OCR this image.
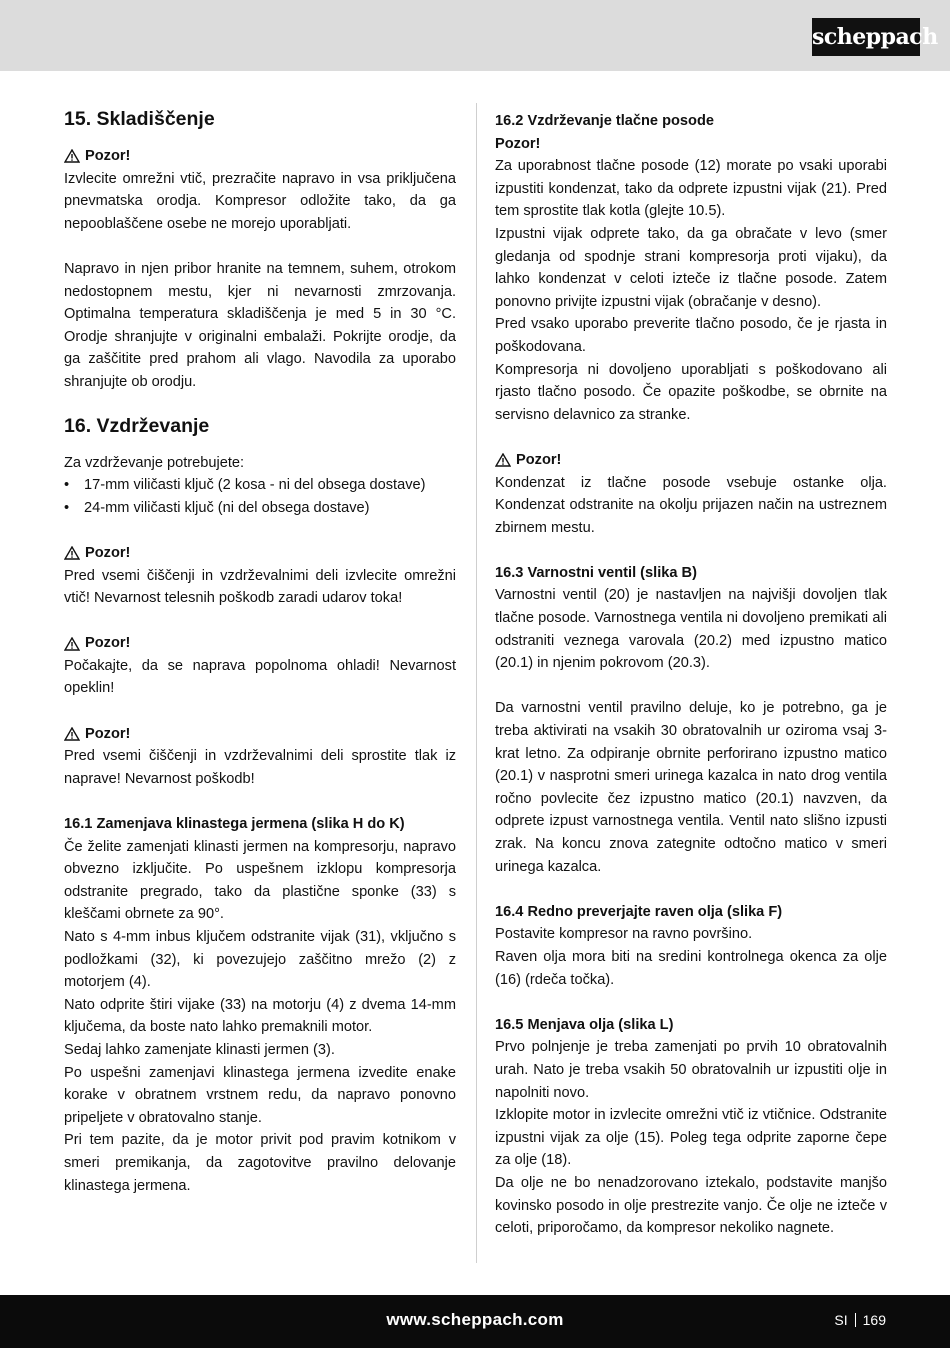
scheppach
15. Skladiščenje
Pozor!

Izvlecite omrežni vtič, prezračite napravo in vsa priključena pnevmatska orodja. Kompresor odložite tako, da ga nepooblaščene osebe ne morejo uporabljati.

Napravo in njen pribor hranite na temnem, suhem, otrokom nedostopnem mestu, kjer ni nevarnosti zmrzovanja. Optimalna temperatura skladiščenja je med 5 in 30 °C. Orodje shranjujte v originalni embalaži. Pokrijte orodje, da ga zaščitite pred prahom ali vlago. Navodila za uporabo shranjujte ob orodju.

16. Vzdrževanje

Za vzdrževanje potrebujete:

• 17-mm viličasti ključ (2 kosa - ni del obsega dostave)
• 24-mm viličasti ključ (ni del obsega dostave)
Pozor!

Pred vsemi čiščenji in vzdrževalnimi deli izvlecite omrežni vtič! Nevarnost telesnih poškodb zaradi udarov toka!

Pozor!

Počakajte, da se naprava popolnoma ohladi! Nevarnost opeklin!

Pozor!

Pred vsemi čiščenji in vzdrževalnimi deli sprostite tlak iz naprave! Nevarnost poškodb!

16.1 Zamenjava klinastega jermena (slika H do K)

Če želite zamenjati klinasti jermen na kompresorju, napravo obvezno izključite. Po uspešnem izklopu kompresorja odstranite pregrado, tako da plastične sponke (33) s kleščami obrnete za 90°.

Nato s 4-mm inbus ključem odstranite vijak (31), vključno s podložkami (32), ki povezujejo zaščitno mrežo (2) z motorjem (4).

Nato odprite štiri vijake (33) na motorju (4) z dvema 14-mm ključema, da boste nato lahko premaknili motor.

Sedaj lahko zamenjate klinasti jermen (3).

Po uspešni zamenjavi klinastega jermena izvedite enake korake v obratnem vrstnem redu, da napravo ponovno pripeljete v obratovalno stanje.

Pri tem pazite, da je motor privit pod pravim kotnikom v smeri premikanja, da zagotovitve pravilno delovanje klinastega jermena.

16.2 Vzdrževanje tlačne posode
Pozor!

Za uporabnost tlačne posode (12) morate po vsaki uporabi izpustiti kondenzat, tako da odprete izpustni vijak (21). Pred tem sprostite tlak kotla (glejte 10.5).

Izpustni vijak odprete tako, da ga obračate v levo (smer gledanja od spodnje strani kompresorja proti vijaku), da lahko kondenzat v celoti izteče iz tlačne posode. Zatem ponovno privijte izpustni vijak (obračanje v desno).

Pred vsako uporabo preverite tlačno posodo, če je rjasta in poškodovana.

Kompresorja ni dovoljeno uporabljati s poškodovano ali rjasto tlačno posodo. Če opazite poškodbe, se obrnite na servisno delavnico za stranke.

Pozor!

Kondenzat iz tlačne posode vsebuje ostanke olja. Kondenzat odstranite na okolju prijazen način na ustreznem zbirnem mestu.

16.3 Varnostni ventil (slika B)

Varnostni ventil (20) je nastavljen na najvišji dovoljen tlak tlačne posode. Varnostnega ventila ni dovoljeno premikati ali odstraniti veznega varovala (20.2) med izpustno matico (20.1) in njenim pokrovom (20.3).

Da varnostni ventil pravilno deluje, ko je potrebno, ga je treba aktivirati na vsakih 30 obratovalnih ur oziroma vsaj 3-krat letno. Za odpiranje obrnite perforirano izpustno matico (20.1) v nasprotni smeri urinega kazalca in nato drog ventila ročno povlecite čez izpustno matico (20.1) navzven, da odprete izpust varnostnega ventila. Ventil nato slišno izpusti zrak. Na koncu znova zategnite odtočno matico v smeri urinega kazalca.

16.4 Redno preverjajte raven olja (slika F)

Postavite kompresor na ravno površino.

Raven olja mora biti na sredini kontrolnega okenca za olje (16) (rdeča točka).

16.5 Menjava olja (slika L)

Prvo polnjenje je treba zamenjati po prvih 10 obratovalnih urah. Nato je treba vsakih 50 obratovalnih ur izpustiti olje in napolniti novo.

Izklopite motor in izvlecite omrežni vtič iz vtičnice. Odstranite izpustni vijak za olje (15). Poleg tega odprite zaporne čepe za olje (18).

Da olje ne bo nenadzorovano iztekalo, podstavite manjšo kovinsko posodo in olje prestrezite vanjo. Če olje ne izteče v celoti, priporočamo, da kompresor nekoliko nagnete.

www.scheppach.com	SI 169
